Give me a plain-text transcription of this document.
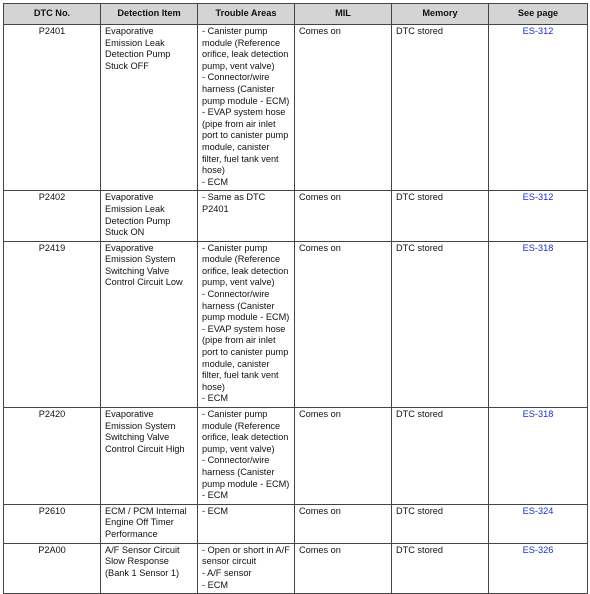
DTC No.	Detection Item	Trouble Areas	MIL	Memory	See page
P2401	Evaporative Emission Leak Detection Pump Stuck OFF	- Canister pump module (Reference orifice, leak detection pump, vent valve)
- Connector/wire harness (Canister pump module - ECM)
- EVAP system hose (pipe from air inlet port to canister pump module, canister filter, fuel tank vent hose)
- ECM	Comes on	DTC stored	ES-312
P2402	Evaporative Emission Leak Detection Pump Stuck ON	- Same as DTC P2401	Comes on	DTC stored	ES-312
P2419	Evaporative Emission System Switching Valve Control Circuit Low	- Canister pump module (Reference orifice, leak detection pump, vent valve)
- Connector/wire harness (Canister pump module - ECM)
- EVAP system hose (pipe from air inlet port to canister pump module, canister filter, fuel tank vent hose)
- ECM	Comes on	DTC stored	ES-318
P2420	Evaporative Emission System Switching Valve Control Circuit High	- Canister pump module (Reference orifice, leak detection pump, vent valve)
- Connector/wire harness (Canister pump module - ECM)
- ECM	Comes on	DTC stored	ES-318
P2610	ECM / PCM Internal Engine Off Timer Performance	- ECM	Comes on	DTC stored	ES-324
P2A00	A/F Sensor Circuit Slow Response (Bank 1 Sensor 1)	- Open or short in A/F sensor circuit
- A/F sensor
- ECM	Comes on	DTC stored	ES-326
